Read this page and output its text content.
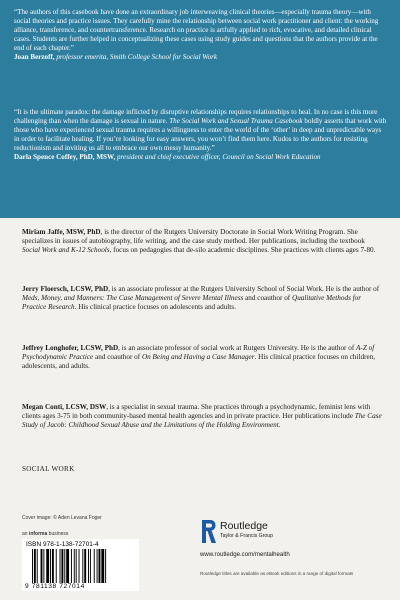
“The authors of this casebook have done an extraordinary job interweaving clinical theories—especially trauma theory—with social theories and practice issues. They carefully mine the relationship between social work practitioner and client: the working alliance, transference, and countertransference. Research on practice is artfully applied to rich, evocative, and detailed clinical cases. Students are further helped in conceptualizing these cases using study guides and questions that the authors provide at the end of each chapter.”
Joan Berzoff, professor emerita, Smith College School for Social Work

“It is the ultimate paradox: the damage inflicted by disruptive relationships requires relationships to heal. In no case is this more challenging than when the damage is sexual in nature. The Social Work and Sexual Trauma Casebook boldly asserts that work with those who have experienced sexual trauma requires a willingness to enter the world of the ‘other’ in deep and unpredictable ways in order to facilitate healing. If you’re looking for easy answers, you won’t find them here. Kudos to the authors for resisting reductionism and inviting us all to embrace our own messy humanity.”
Darla Spence Coffey, PhD, MSW, president and chief executive officer, Council on Social Work Education

Miriam Jaffe, MSW, PhD, is the director of the Rutgers University Doctorate in Social Work Writing Program. She specializes in issues of autobiography, life writing, and the case study method. Her publications, including the textbook Social Work and K-12 Schools, focus on pedagogies that de-silo academic disciplines. She practices with clients ages 7-80.

Jerry Floersch, LCSW, PhD, is an associate professor at the Rutgers University School of Social Work. He is the author of Meds, Money, and Manners: The Case Management of Severe Mental Illness and coauthor of Qualitative Methods for Practice Research. His clinical practice focuses on adolescents and adults.

Jeffrey Longhofer, LCSW, PhD, is an associate professor of social work at Rutgers University. He is the author of A-Z of Psychodynamic Practice and coauthor of On Being and Having a Case Manager. His clinical practice focuses on children, adolescents, and adults.

Megan Conti, LCSW, DSW, is a specialist in sexual trauma. She practices through a psychodynamic, feminist lens with clients ages 3-75 in both community-based mental health agencies and in private practice. Her publications include The Case Study of Jacob: Childhood Sexual Abuse and the Limitations of the Holding Environment.

SOCIAL WORK
Cover image: © Aden Levana Foger
an informa business
ISBN 978-1-138-72701-4
9 781138 727014
Routledge
Taylor & Francis Group
www.routledge.com/mentalhealth
Routledge titles are available as eBook editions in a range of digital formats
